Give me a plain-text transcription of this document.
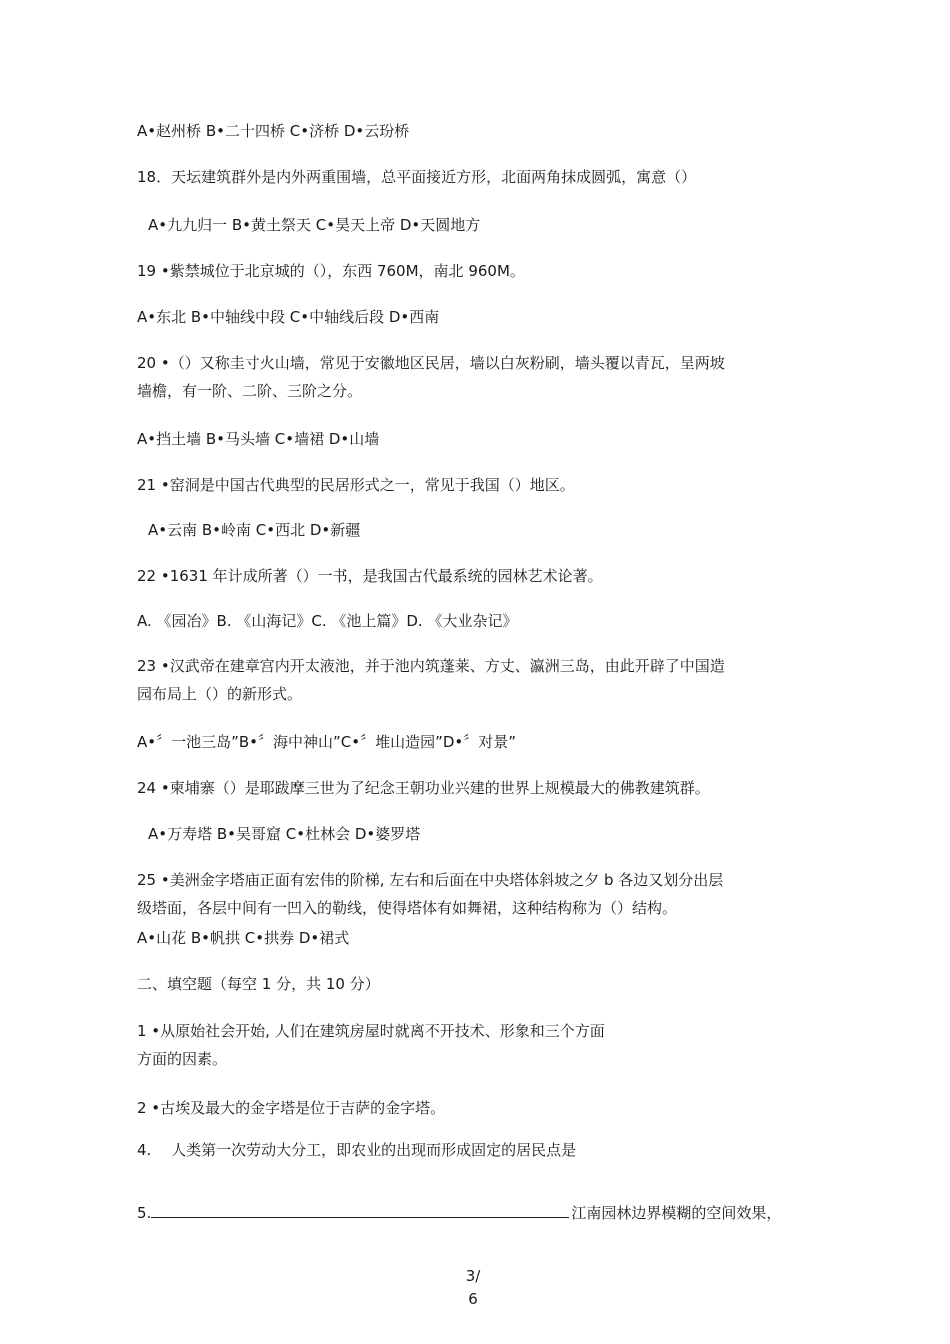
A•赵州桥 B•二十四桥 C•济桥 D•云玢桥
18．天坛建筑群外是内外两重围墙，总平面接近方形，北面两角抹成圆弧，寓意（）
A•九九归一 B•黄土祭天 C•昊天上帝 D•天圆地方
19 •紫禁城位于北京城的（），东西 760M，南北 960M。
A•东北 B•中轴线中段 C•中轴线后段 D•西南
20 •（）又称圭寸火山墙，常见于安徽地区民居，墙以白灰粉刷，墙头覆以青瓦，呈两坡
墙檐，有一阶、二阶、三阶之分。
A•挡土墙 B•马头墙 C•墙裙 D•山墙
21 •窑洞是中国古代典型的民居形式之一，常见于我国（）地区。
A•云南 B•岭南 C•西北 D•新疆
22 •1631 年计成所著（）一书，是我国古代最系统的园林艺术论著。
A. 《园冶》B. 《山海记》C. 《池上篇》D. 《大业杂记》
23 •汉武帝在建章宫内开太液池，并于池内筑蓬莱、方丈、瀛洲三岛，由此开辟了中国造
园布局上（）的新形式。
A•〞一池三岛”B•〞海中神山”C•〞堆山造园”D•〞对景”
24 •柬埔寨（）是耶跋摩三世为了纪念王朝功业兴建的世界上规模最大的佛教建筑群。
A•万寿塔 B•吴哥窟 C•杜林会 D•婆罗塔
25 •美洲金字塔庙正面有宏伟的阶梯, 左右和后面在中央塔体斜坡之夕 b 各边又划分出层
级塔面，各层中间有一凹入的勒线，使得塔体有如舞裙，这种结构称为（）结构。
A•山花 B•帆拱 C•拱券 D•裙式
二、填空题（每空 1 分，共 10 分）
1 •从原始社会开始, 人们在建筑房屋时就离不开技术、形象和三个方面
方面的因素。
2 •古埃及最大的金字塔是位于吉萨的金字塔。
4.　 人类第一次劳动大分工，即农业的出现而形成固定的居民点是
5.	江南园林边界模糊的空间效果，
3/
6
